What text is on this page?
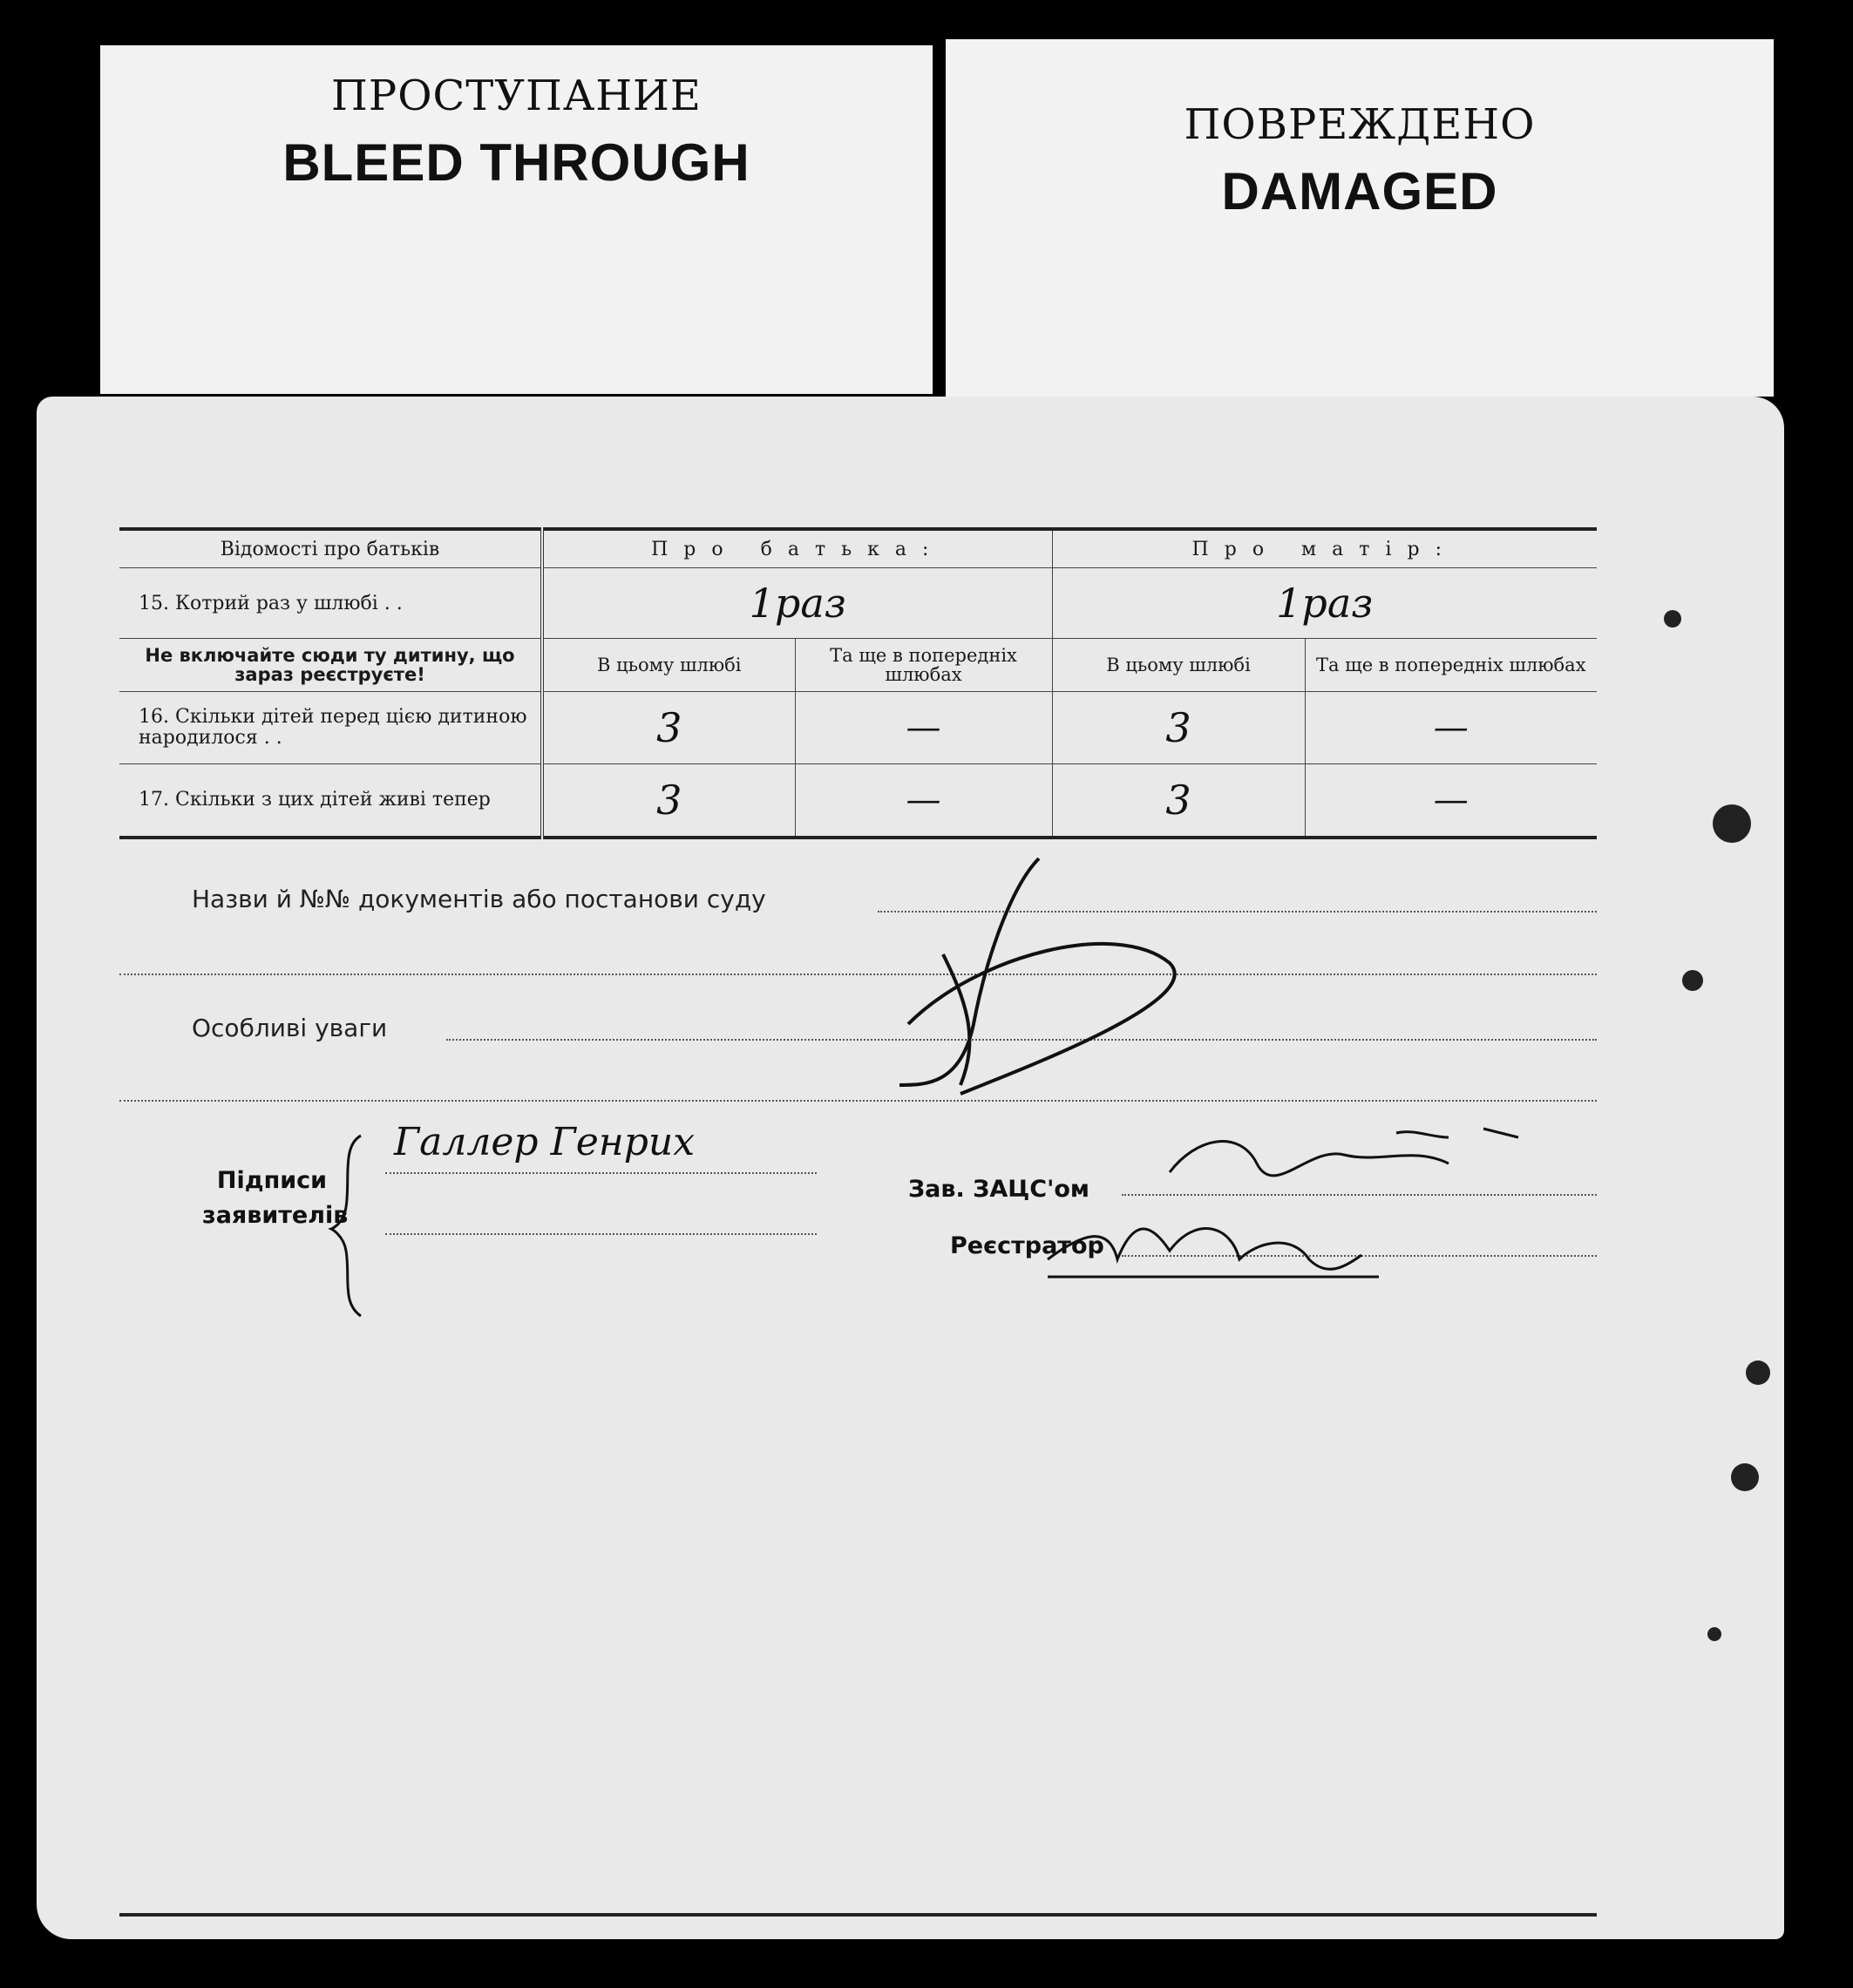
ПРОСТУПАНИЕ
BLEED THROUGH
ПОВРЕЖДЕНО
DAMAGED
Відомості про батьків	Про батька:		Про матір:	
15. Котрий раз у шлюбі . .	1раз		1раз	
Не включайте сюди ту дитину, що зараз реєструєте!	В цьому шлюбі	Та ще в попередніх шлюбах	В цьому шлюбі	Та ще в попередніх шлюбах
16. Скільки дітей перед цією дитиною народилося . .	3	—	3	—
17. Скільки з цих дітей живі тепер	3	—	3	—
Назви й №№ документів або постанови суду
Особливі уваги
Підписи
заявителів
Галлер Генрих
Зав. ЗАЦС'ом
Реєстратор
